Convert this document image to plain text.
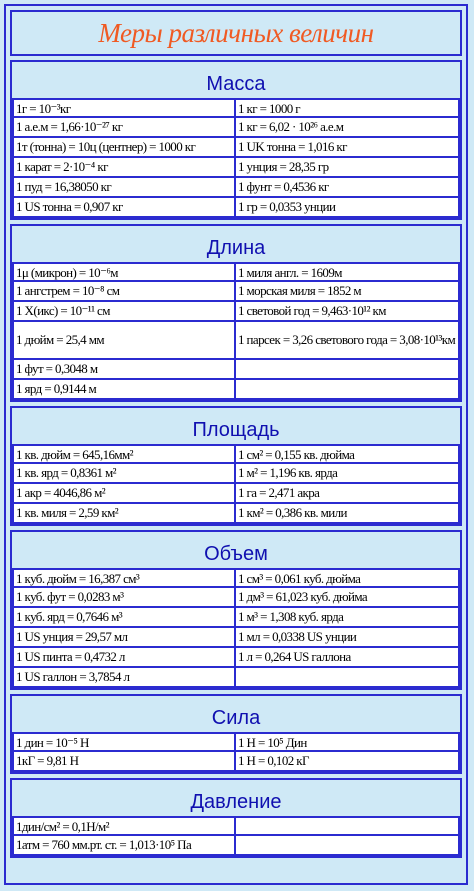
Меры различных величин
Масса
1г = 10⁻³кг	1 кг = 1000 г
1 а.е.м = 1,66·10⁻²⁷ кг	1 кг = 6,02 · 10²⁶ а.е.м
1т (тонна) = 10ц (центнер) = 1000 кг	1 UK тонна = 1,016 кг
1 карат = 2·10⁻⁴ кг	1 унция = 28,35 гр
1 пуд = 16,38050 кг	1 фунт = 0,4536 кг
1 US тонна = 0,907 кг	1 гр = 0,0353 унции
Длина
1μ (микрон) = 10⁻⁶м	1 миля англ. = 1609м
1 ангстрем = 10⁻⁸ см	1 морская миля = 1852 м
1 X(икс) = 10⁻¹¹ см	1 световой год = 9,463·10¹² км
1 дюйм = 25,4 мм	1 парсек = 3,26 светового года = 3,08·10¹³км
1 фут = 0,3048 м
1 ярд = 0,9144 м
Площадь
1 кв. дюйм = 645,16мм²	1 см² = 0,155 кв. дюйма
1 кв. ярд = 0,8361 м²	1 м² = 1,196 кв. ярда
1 акр = 4046,86 м²	1 га = 2,471 акра
1 кв. миля = 2,59 км²	1 км² = 0,386 кв. мили
Объем
1 куб. дюйм = 16,387 см³	1 см³ = 0,061 куб. дюйма
1 куб. фут = 0,0283 м³	1 дм³ = 61,023 куб. дюйма
1 куб. ярд = 0,7646 м³	1 м³ = 1,308 куб. ярда
1 US унция = 29,57 мл	1 мл = 0,0338 US унции
1 US пинта = 0,4732 л	1 л = 0,264 US галлона
1 US галлон = 3,7854 л
Сила
1 дин = 10⁻⁵ Н	1 Н = 10⁵ Дин
1кГ = 9,81 Н	1 Н = 0,102 кГ
Давление
1дин/см² = 0,1Н/м²
1атм = 760 мм.рт. ст. = 1,013·10⁵ Па
